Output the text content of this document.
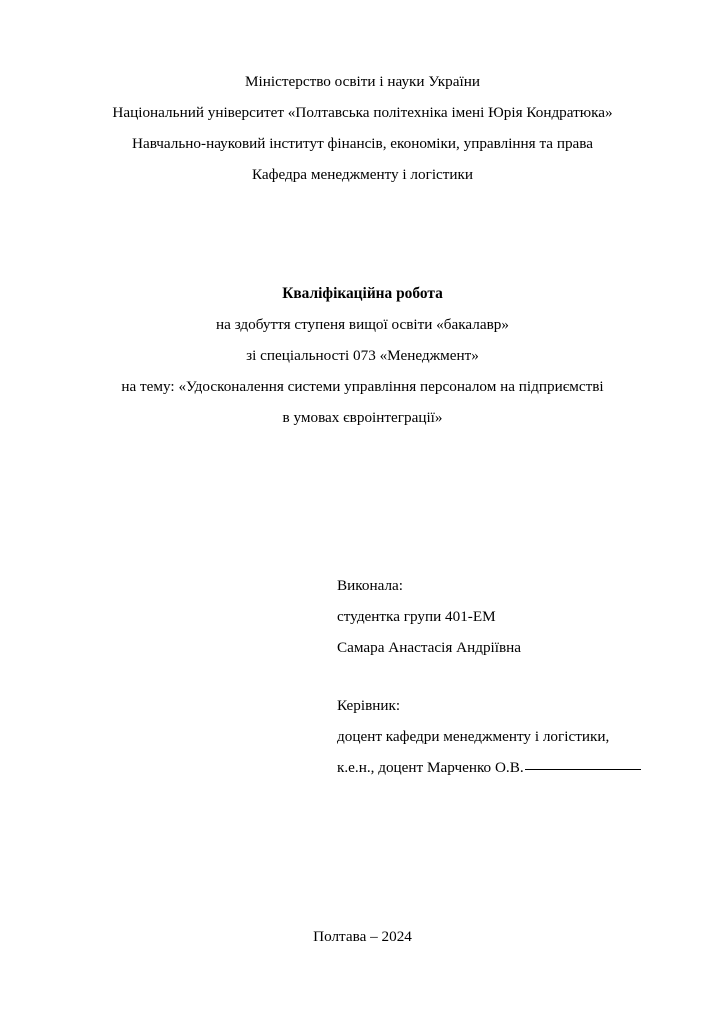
Міністерство освіти і науки України
Національний університет «Полтавська політехніка імені Юрія Кондратюка»
Навчально-науковий інститут фінансів, економіки, управління та права
Кафедра менеджменту і логістики
Кваліфікаційна робота
на здобуття ступеня вищої освіти «бакалавр»
зі спеціальності 073 «Менеджмент»
на тему: «Удосконалення системи управління персоналом на підприємстві
в умовах євроінтеграції»
Виконала:
студентка групи 401-ЕМ
Самара Анастасія Андріївна
Керівник:
доцент кафедри менеджменту і логістики,
к.е.н., доцент Марченко О.В.
Полтава – 2024
